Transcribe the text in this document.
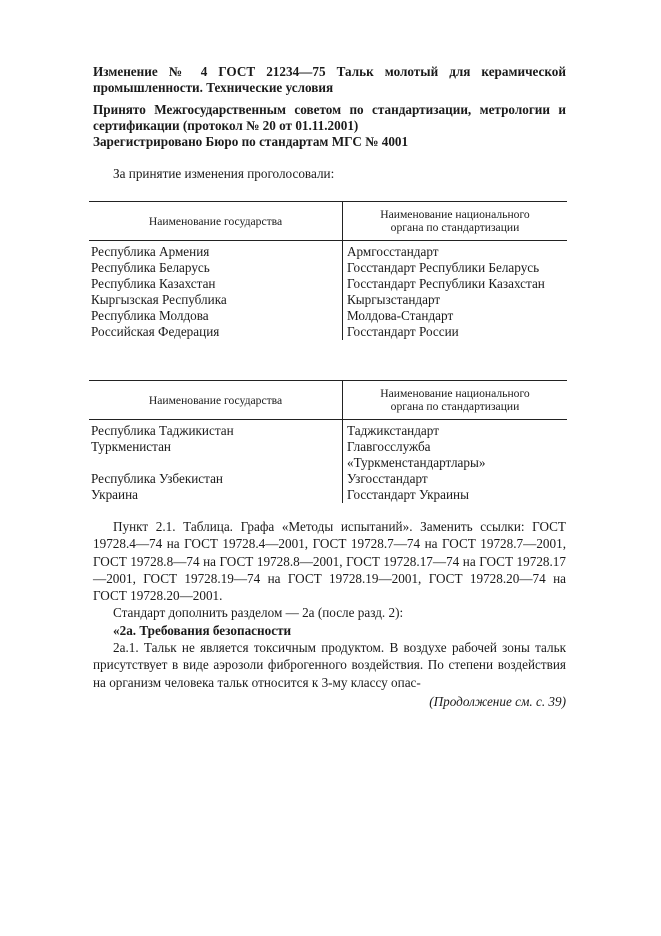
Изменение № 4 ГОСТ 21234—75 Тальк молотый для керамической промышленности. Технические условия

Принято Межгосударственным советом по стандартизации, метрологии и сертификации (протокол № 20 от 01.11.2001)

Зарегистрировано Бюро по стандартам МГС № 4001

За принятие изменения проголосовали:
Наименование государства	Наименование национального
органа по стандартизации
Республика Армения	Армгосстандарт
Республика Беларусь	Госстандарт Республики Беларусь
Республика Казахстан	Госстандарт Республики Казахстан
Кыргызская Республика	Кыргызстандарт
Республика Молдова	Молдова-Стандарт
Российская Федерация	Госстандарт России
Наименование государства	Наименование национального
органа по стандартизации
Республика Таджикистан	Таджикстандарт
Туркменистан	Главгосслужба «Туркменстандартлары»
Республика Узбекистан	Узгосстандарт
Украина	Госстандарт Украины

Пункт 2.1. Таблица. Графа «Методы испытаний». Заменить ссылки: ГОСТ 19728.4—74 на ГОСТ 19728.4—2001, ГОСТ 19728.7—74 на ГОСТ 19728.7—2001, ГОСТ 19728.8—74 на ГОСТ 19728.8—2001, ГОСТ 19728.17—74 на ГОСТ 19728.17—2001, ГОСТ 19728.19—74 на ГОСТ 19728.19—2001, ГОСТ 19728.20—74 на ГОСТ 19728.20—2001.

Стандарт дополнить разделом — 2а (после разд. 2):

«2а. Требования безопасности

2а.1. Тальк не является токсичным продуктом. В воздухе рабочей зоны тальк присутствует в виде аэрозоли фиброгенного воздействия. По степени воздействия на организм человека тальк относится к 3-му классу опас-

(Продолжение см. с. 39)
